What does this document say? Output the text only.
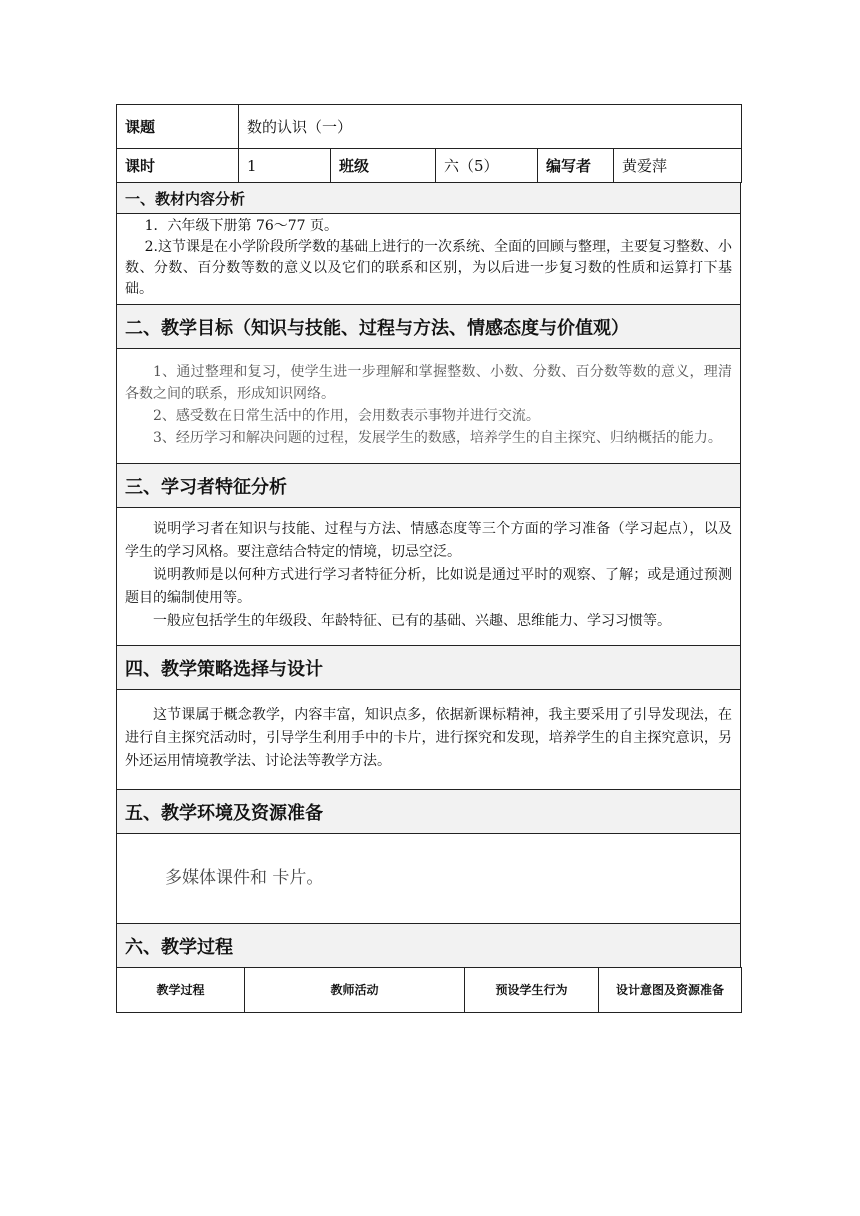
课题	数的认识（一）				
课时	1	班级	六（5）	编写者	黄爱萍
一、教材内容分析

1．六年级下册第 76～77 页。

2.这节课是在小学阶段所学数的基础上进行的一次系统、全面的回顾与整理，主要复习整数、小数、分数、百分数等数的意义以及它们的联系和区别，为以后进一步复习数的性质和运算打下基础。

二、教学目标（知识与技能、过程与方法、情感态度与价值观）

1、通过整理和复习，使学生进一步理解和掌握整数、小数、分数、百分数等数的意义，理清各数之间的联系，形成知识网络。

2、感受数在日常生活中的作用，会用数表示事物并进行交流。

3、经历学习和解决问题的过程，发展学生的数感，培养学生的自主探究、归纳概括的能力。

三、学习者特征分析

说明学习者在知识与技能、过程与方法、情感态度等三个方面的学习准备（学习起点），以及学生的学习风格。要注意结合特定的情境，切忌空泛。

说明教师是以何种方式进行学习者特征分析，比如说是通过平时的观察、了解；或是通过预测题目的编制使用等。

一般应包括学生的年级段、年龄特征、已有的基础、兴趣、思维能力、学习习惯等。

四、教学策略选择与设计

这节课属于概念教学，内容丰富，知识点多，依据新课标精神，我主要采用了引导发现法，在进行自主探究活动时，引导学生利用手中的卡片，进行探究和发现，培养学生的自主探究意识，另外还运用情境教学法、讨论法等教学方法。

五、教学环境及资源准备

多媒体课件和 卡片。

六、教学过程
教学过程	教师活动	预设学生行为	设计意图及资源准备
